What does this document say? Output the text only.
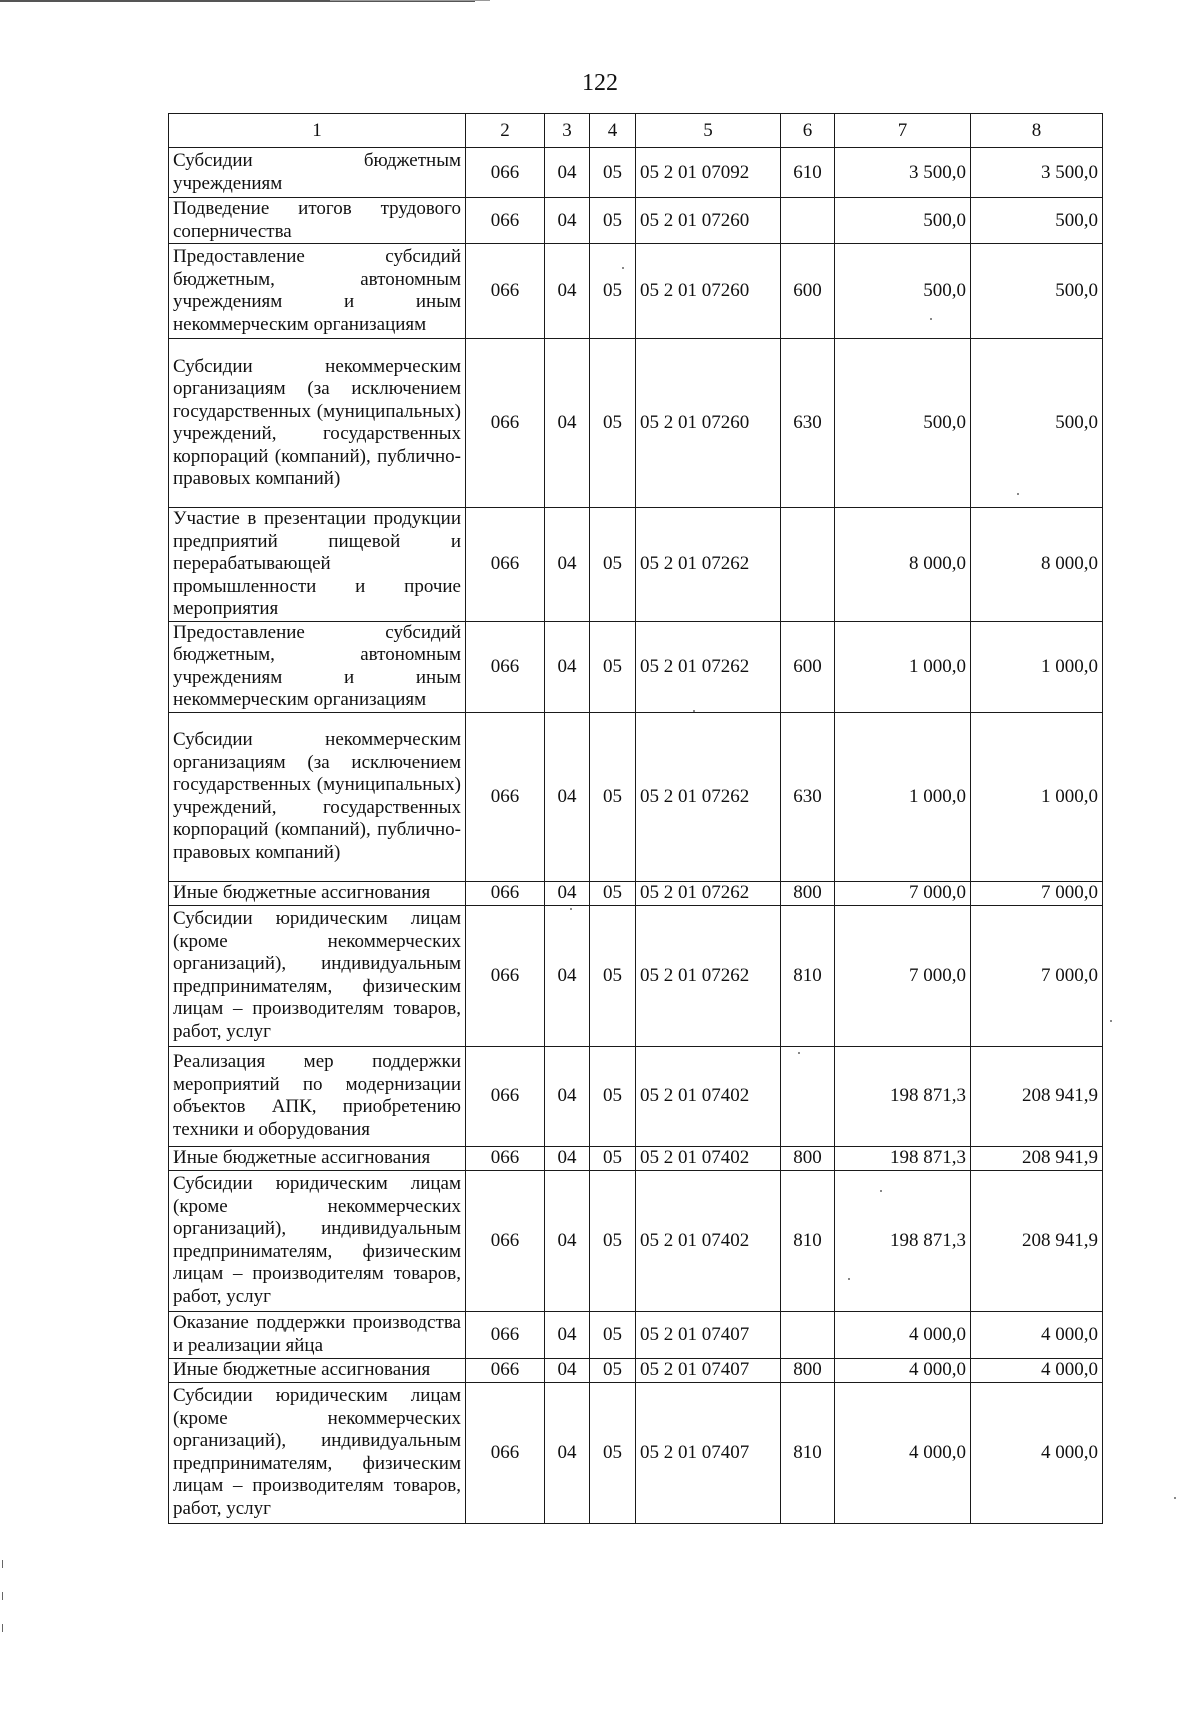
122
1	2	3	4	5	6	7	8
Субсидии бюджетным учреждениям	066	04	05	05 2 01 07092	610	3 500,0	3 500,0
Подведение итогов трудового соперничества	066	04	05	05 2 01 07260		500,0	500,0
Предоставление субсидий бюджетным, автономным учреждениям и иным некоммерческим организациям	066	04	05	05 2 01 07260	600	500,0	500,0
Субсидии некоммерческим организациям (за исключением государственных (муниципальных) учреждений, государственных корпораций (компаний), публично-правовых компаний)	066	04	05	05 2 01 07260	630	500,0	500,0
Участие в презентации продукции предприятий пищевой и перерабатывающей промышленности и прочие мероприятия	066	04	05	05 2 01 07262		8 000,0	8 000,0
Предоставление субсидий бюджетным, автономным учреждениям и иным некоммерческим организациям	066	04	05	05 2 01 07262	600	1 000,0	1 000,0
Субсидии некоммерческим организациям (за исключением государственных (муниципальных) учреждений, государственных корпораций (компаний), публично-правовых компаний)	066	04	05	05 2 01 07262	630	1 000,0	1 000,0
Иные бюджетные ассигнования	066	04	05	05 2 01 07262	800	7 000,0	7 000,0
Субсидии юридическим лицам (кроме некоммерческих организаций), индивидуальным предпринимателям, физическим лицам – производителям товаров, работ, услуг	066	04	05	05 2 01 07262	810	7 000,0	7 000,0
Реализация мер поддержки мероприятий по модернизации объектов АПК, приобретению техники и оборудования	066	04	05	05 2 01 07402		198 871,3	208 941,9
Иные бюджетные ассигнования	066	04	05	05 2 01 07402	800	198 871,3	208 941,9
Субсидии юридическим лицам (кроме некоммерческих организаций), индивидуальным предпринимателям, физическим лицам – производителям товаров, работ, услуг	066	04	05	05 2 01 07402	810	198 871,3	208 941,9
Оказание поддержки производства и реализации яйца	066	04	05	05 2 01 07407		4 000,0	4 000,0
Иные бюджетные ассигнования	066	04	05	05 2 01 07407	800	4 000,0	4 000,0
Субсидии юридическим лицам (кроме некоммерческих организаций), индивидуальным предпринимателям, физическим лицам – производителям товаров, работ, услуг	066	04	05	05 2 01 07407	810	4 000,0	4 000,0
